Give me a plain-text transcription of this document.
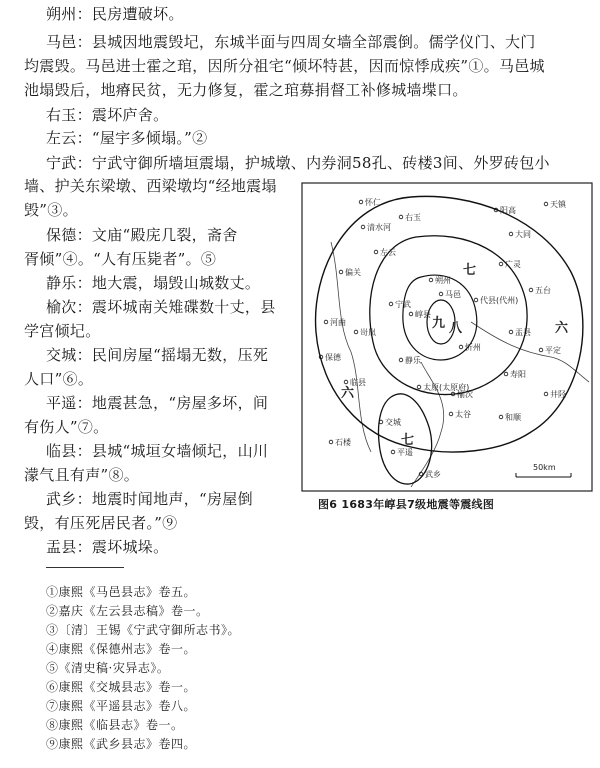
朔州：民房遭破坏。
马邑：县城因地震毁圮，东城半面与四周女墙全部震倒。儒学仪门、大门
均震毁。马邑进士霍之琯，因所分祖宅“倾坏特甚，因而惊悸成疾”①。马邑城
池塌毁后，地瘠民贫，无力修复，霍之琯募捐督工补修城墙堞口。
右玉：震坏庐舍。
左云：“屋宇多倾塌。”②
宁武：宁武守御所墙垣震塌，护城墩、内券洞58孔、砖楼3间、外罗砖包小
墙、护关东梁墩、西梁墩均“经地震塌
毁”③。
保德：文庙“殿庑几裂，斋舍
胥倾”④。“人有压毙者”。⑤
静乐：地大震，塌毁山城数丈。
榆次：震坏城南关雉碟数十丈，县
学宫倾圮。
交城：民间房屋“摇塌无数，压死
人口”⑥。
平遥：地震甚急，“房屋多坏，间
有伤人”⑦。
临县：县城“城垣女墙倾圮，山川
濛气且有声”⑧。
武乡：地震时闻地声，“房屋倒
毁，有压死居民者。”⑨
盂县：震坏城垛。
50km
六
六
七
七
八
九
怀仁
右玉
阳高
天镇
清水河
左云
大同
广灵
偏关
朔州
马邑
宁武
崞县
代县(代州)
五台
河曲
保德
岢岚
忻州
静乐
盂县
平定
临县
太原(太原府)
寿阳
榆次
交城
太谷
井陉
平遥
武乡
石楼
和顺
图6 1683年崞县7级地震等震线图
①康熙《马邑县志》卷五。
②嘉庆《左云县志稿》卷一。
③〔清〕王锡《宁武守御所志书》。
④康熙《保德州志》卷一。
⑤《清史稿·灾异志》。
⑥康熙《交城县志》卷一。
⑦康熙《平遥县志》卷八。
⑧康熙《临县志》卷一。
⑨康熙《武乡县志》卷四。
